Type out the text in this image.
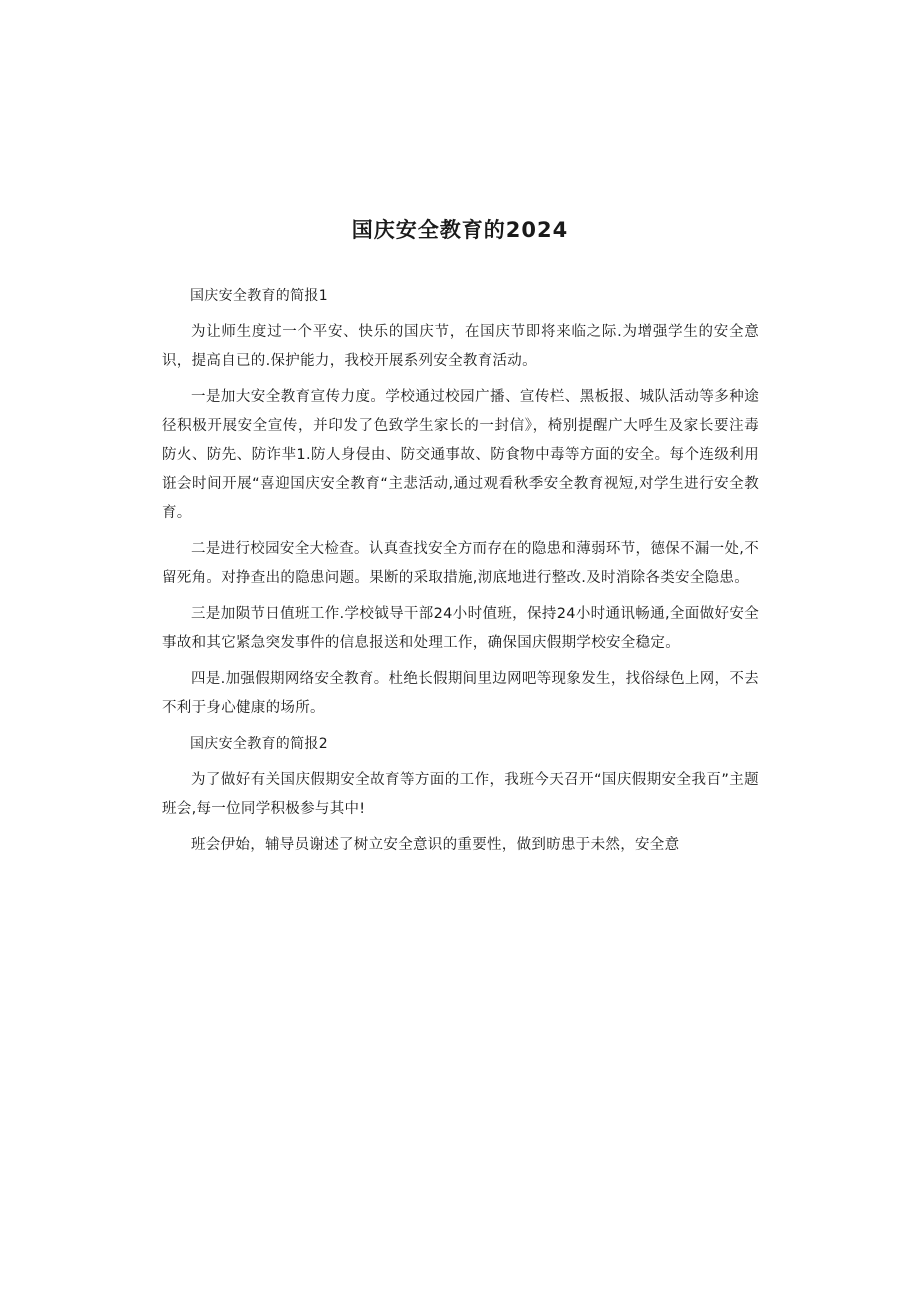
国庆安全教育的2024

国庆安全教育的简报1

为让师生度过一个平安、快乐的国庆节，在国庆节即将来临之际.为增强学生的安全意识，提高自已的.保护能力，我校开展系列安全教育活动。

一是加大安全教育宣传力度。学校通过校园广播、宣传栏、黑板报、城队活动等多种途径积极开展安全宣传，并印发了色致学生家长的一封信》，椅别提醒广大呼生及家长要注毒防火、防先、防诈芈1.防人身侵由、防交通事故、防食物中毒等方面的安全。每个连级利用诳会时间开展“喜迎国庆安全教育“主悲活动,通过观看秋季安全教育视短,对学生进行安全教育。

二是进行校园安全大检查。认真查找安全方而存在的隐患和薄弱环节，德保不漏一处,不留死角。对挣查出的隐患问题。果断的采取措施,沏底地进行整改.及时消除各类安全隐患。

三是加陨节日值班工作.学校钺导干部24小时值班，保持24小时通讯畅通,全面做好安全事故和其它紧急突发事件的信息报送和处理工作，确保国庆假期学校安全稳定。

四是.加强假期网络安全教育。杜绝长假期间里边网吧等现象发生，找俗绿色上网，不去不利于身心健康的场所。

国庆安全教育的简报2

为了做好有关国庆假期安全故育等方面的工作，我班今天召开“国庆假期安全我百”主题班会,每一位同学积极参与其中!

班会伊始，辅导员谢述了树立安全意识的重要性，做到昉患于未然，安全意
